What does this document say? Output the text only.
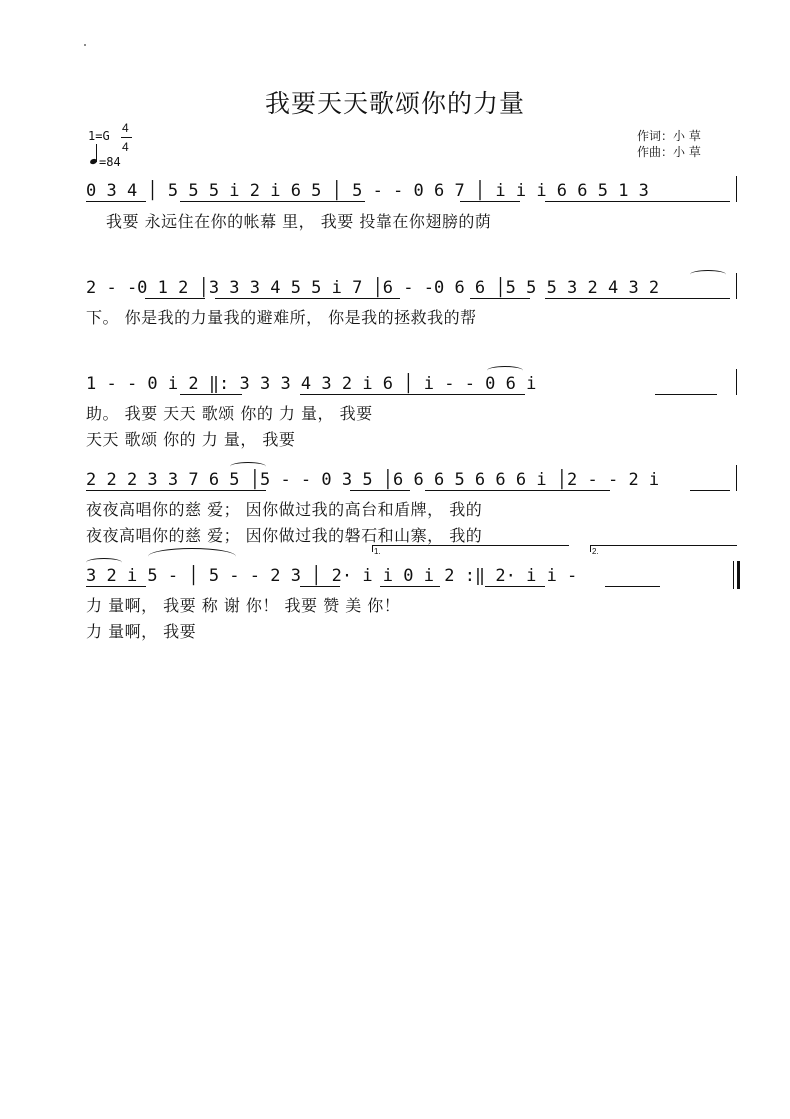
我要天天歌颂你的力量
1=G
4
4
=84
作词：小 草
作曲：小 草
0 3 4 │ 5 5 5 i 2 i 6 5 │ 5 - - 0 6 7 │ i i i 6 6 5 1 3
我要 永远住在你的帐幕 里， 我要 投靠在你翅膀的荫
2 - -0 1 2 │3 3 3 4 5 5 i 7 │6 - -0 6 6 │5 5 5 3 2 4 3 2
下。 你是我的力量我的避难所， 你是我的拯救我的帮
1 - - 0 i 2 ‖: 3 3 3 4 3 2 i 6 │ i - - 0 6 i
助。 我要 天天 歌颂 你的 力 量， 我要
天天 歌颂 你的 力 量， 我要
2 2 2 3 3 7 6 5 │5 - - 0 3 5 │6 6 6 5 6 6 6 i │2 - - 2 i
夜夜高唱你的慈 爱； 因你做过我的高台和盾牌， 我的
夜夜高唱你的慈 爱； 因你做过我的磐石和山寨， 我的
3 2 i 5 - │ 5 - - 2 3 │ 2· i i 0 i 2 :‖ 2· i i -
力 量啊， 我要 称 谢 你！ 我要 赞 美 你！
力 量啊， 我要
1.	2.
